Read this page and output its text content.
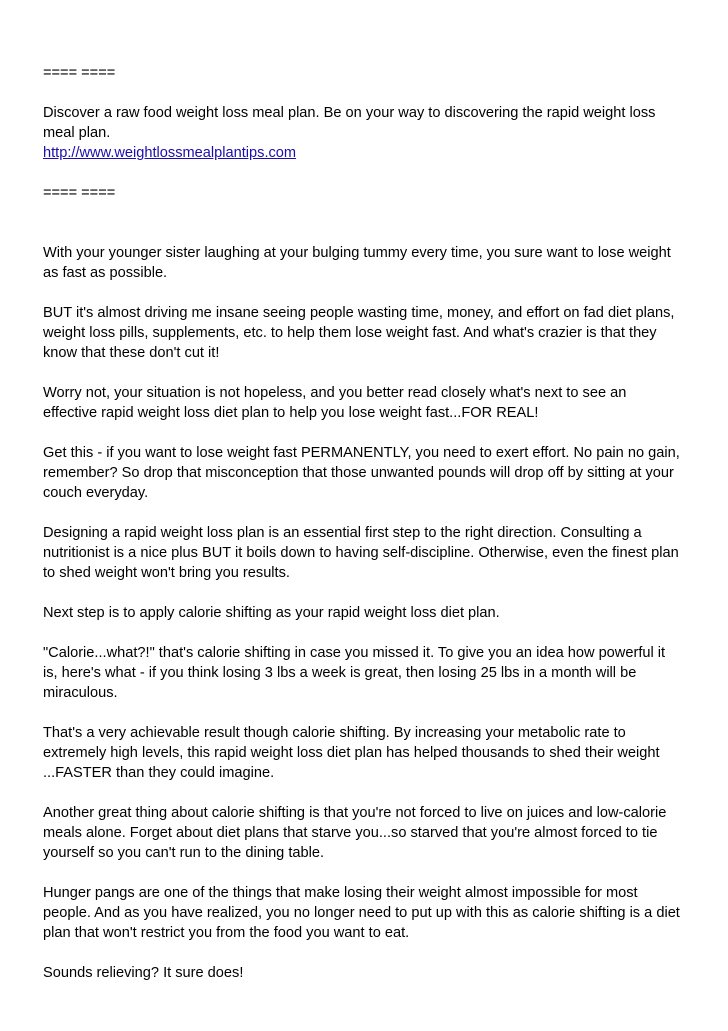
==== ====
Discover a raw food weight loss meal plan. Be on your way to discovering the rapid weight loss meal plan.
http://www.weightlossmealplantips.com
==== ====

With your younger sister laughing at your bulging tummy every time, you sure want to lose weight as fast as possible.

BUT it's almost driving me insane seeing people wasting time, money, and effort on fad diet plans, weight loss pills, supplements, etc. to help them lose weight fast. And what's crazier is that they know that these don't cut it!

Worry not, your situation is not hopeless, and you better read closely what's next to see an effective rapid weight loss diet plan to help you lose weight fast...FOR REAL!

Get this - if you want to lose weight fast PERMANENTLY, you need to exert effort. No pain no gain, remember? So drop that misconception that those unwanted pounds will drop off by sitting at your couch everyday.

Designing a rapid weight loss plan is an essential first step to the right direction. Consulting a nutritionist is a nice plus BUT it boils down to having self-discipline. Otherwise, even the finest plan to shed weight won't bring you results.

Next step is to apply calorie shifting as your rapid weight loss diet plan.

"Calorie...what?!" that's calorie shifting in case you missed it. To give you an idea how powerful it is, here's what - if you think losing 3 lbs a week is great, then losing 25 lbs in a month will be miraculous.

That's a very achievable result though calorie shifting. By increasing your metabolic rate to extremely high levels, this rapid weight loss diet plan has helped thousands to shed their weight ...FASTER than they could imagine.

Another great thing about calorie shifting is that you're not forced to live on juices and low-calorie meals alone. Forget about diet plans that starve you...so starved that you're almost forced to tie yourself so you can't run to the dining table.

Hunger pangs are one of the things that make losing their weight almost impossible for most people. And as you have realized, you no longer need to put up with this as calorie shifting is a diet plan that won't restrict you from the food you want to eat.

Sounds relieving? It sure does!
